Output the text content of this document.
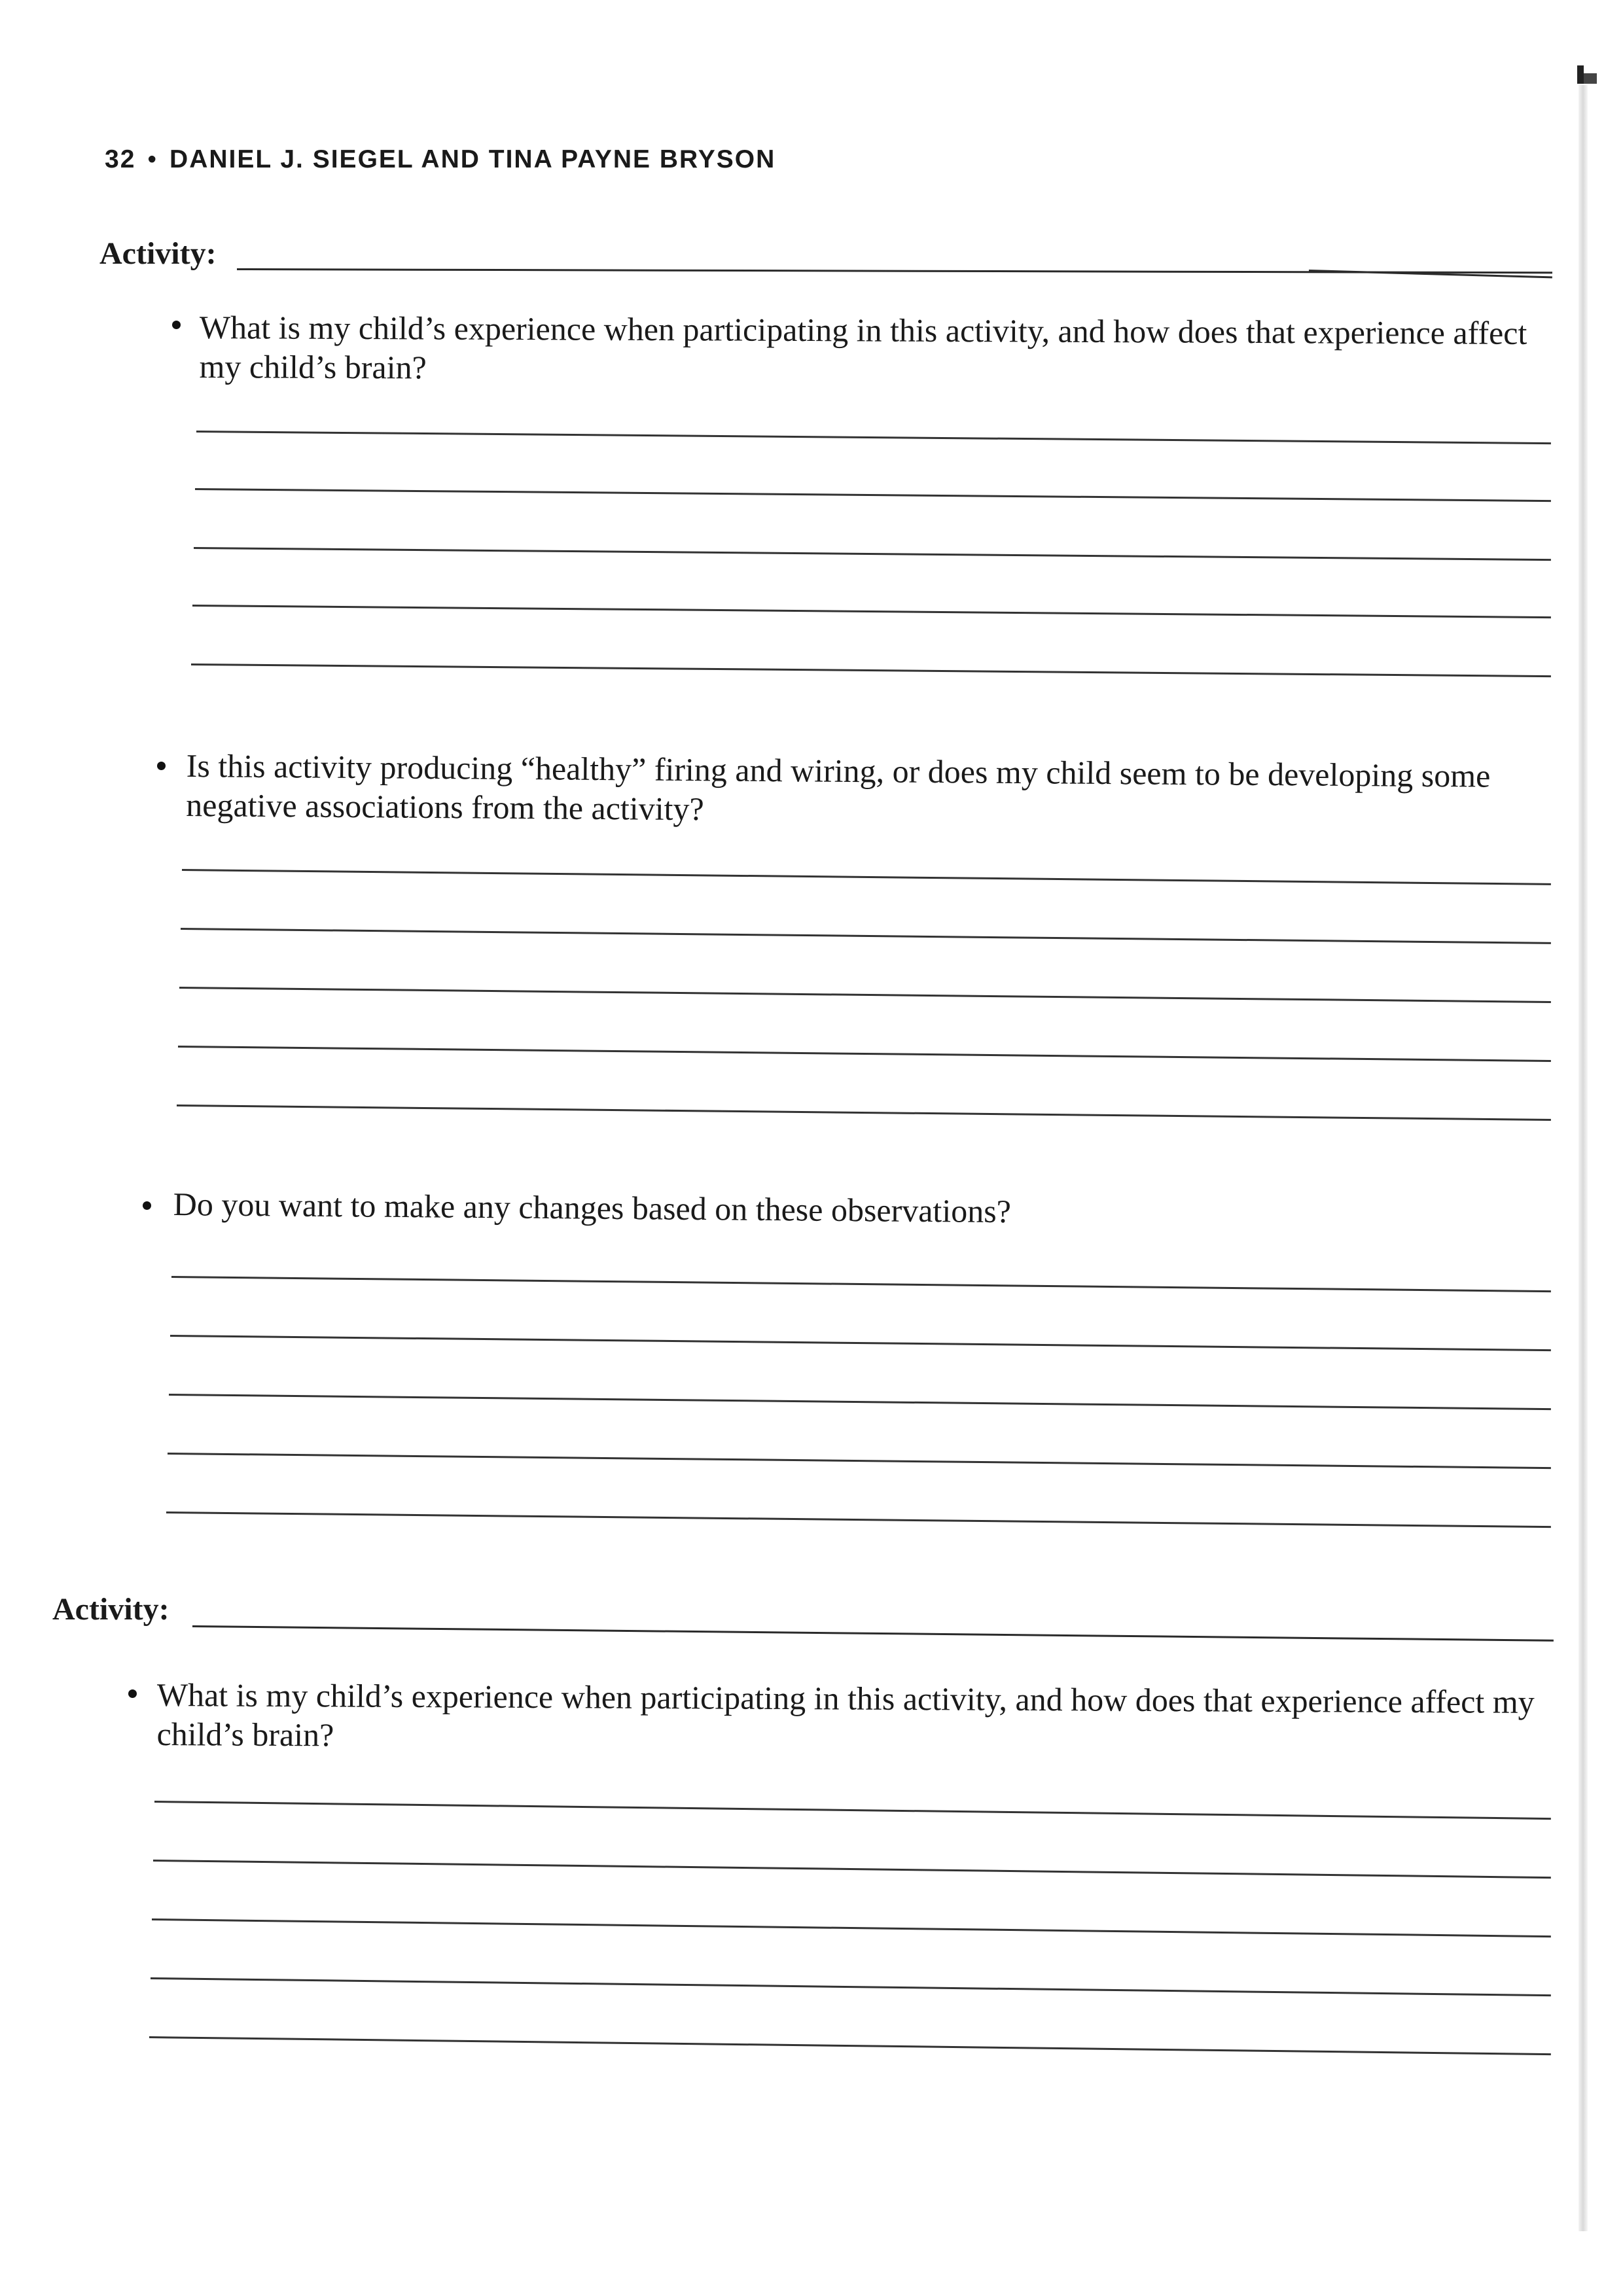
32 • DANIEL J. SIEGEL AND TINA PAYNE BRYSON
Activity:
What is my child’s experience when participating in this activity, and how does that experience affect my child’s brain?
Is this activity producing “healthy” firing and wiring, or does my child seem to be developing some negative associations from the activity?
Do you want to make any changes based on these observations?
Activity:
What is my child’s experience when participating in this activity, and how does that experience affect my child’s brain?
